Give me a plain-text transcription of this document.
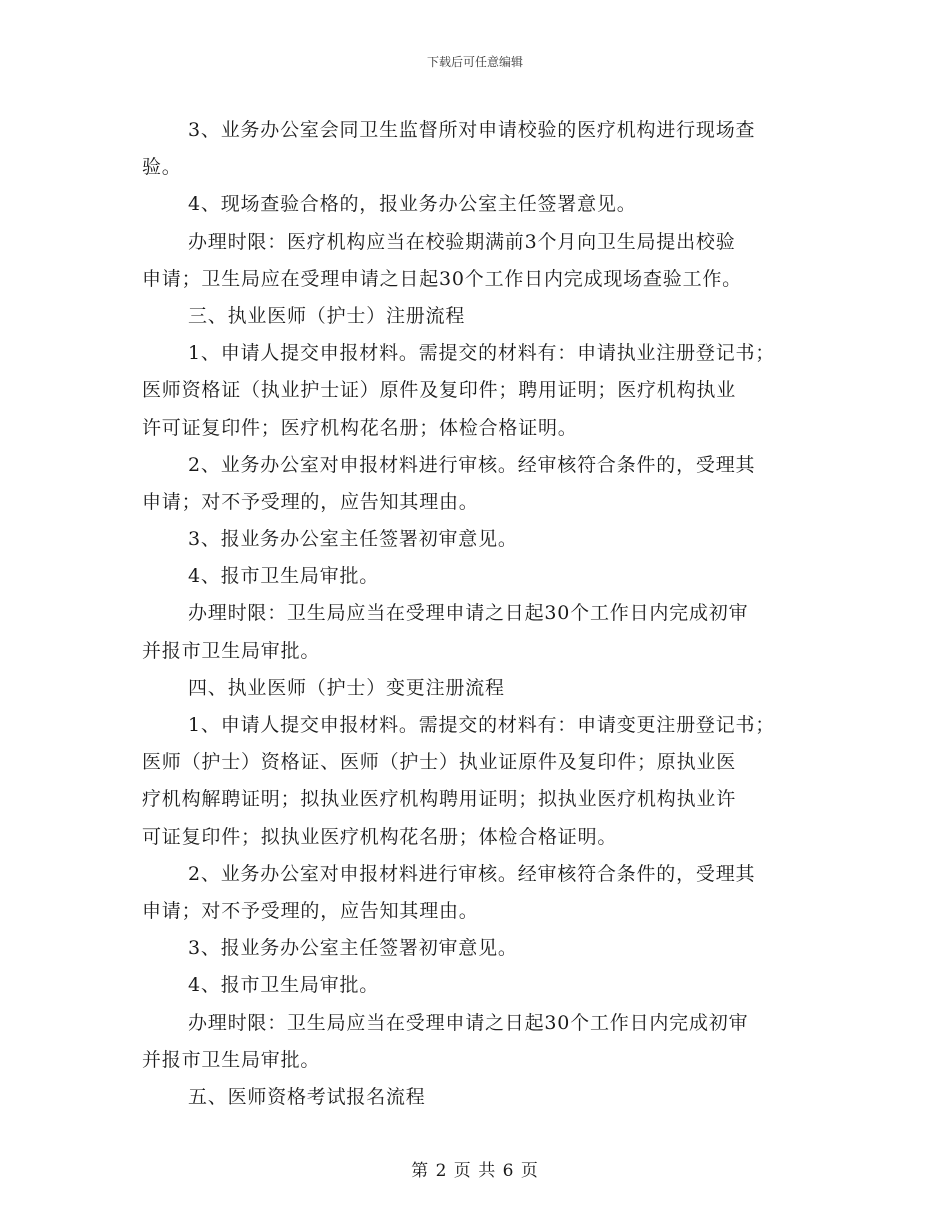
下载后可任意编辑
3、业务办公室会同卫生监督所对申请校验的医疗机构进行现场查
验。
4、现场查验合格的，报业务办公室主任签署意见。
办理时限：医疗机构应当在校验期满前3个月向卫生局提出校验
申请；卫生局应在受理申请之日起30个工作日内完成现场查验工作。
三、执业医师（护士）注册流程
1、申请人提交申报材料。需提交的材料有：申请执业注册登记书；
医师资格证（执业护士证）原件及复印件；聘用证明；医疗机构执业
许可证复印件；医疗机构花名册；体检合格证明。
2、业务办公室对申报材料进行审核。经审核符合条件的，受理其
申请；对不予受理的，应告知其理由。
3、报业务办公室主任签署初审意见。
4、报市卫生局审批。
办理时限：卫生局应当在受理申请之日起30个工作日内完成初审
并报市卫生局审批。
四、执业医师（护士）变更注册流程
1、申请人提交申报材料。需提交的材料有：申请变更注册登记书；
医师（护士）资格证、医师（护士）执业证原件及复印件；原执业医
疗机构解聘证明；拟执业医疗机构聘用证明；拟执业医疗机构执业许
可证复印件；拟执业医疗机构花名册；体检合格证明。
2、业务办公室对申报材料进行审核。经审核符合条件的，受理其
申请；对不予受理的，应告知其理由。
3、报业务办公室主任签署初审意见。
4、报市卫生局审批。
办理时限：卫生局应当在受理申请之日起30个工作日内完成初审
并报市卫生局审批。
五、医师资格考试报名流程
第 2 页 共 6 页
